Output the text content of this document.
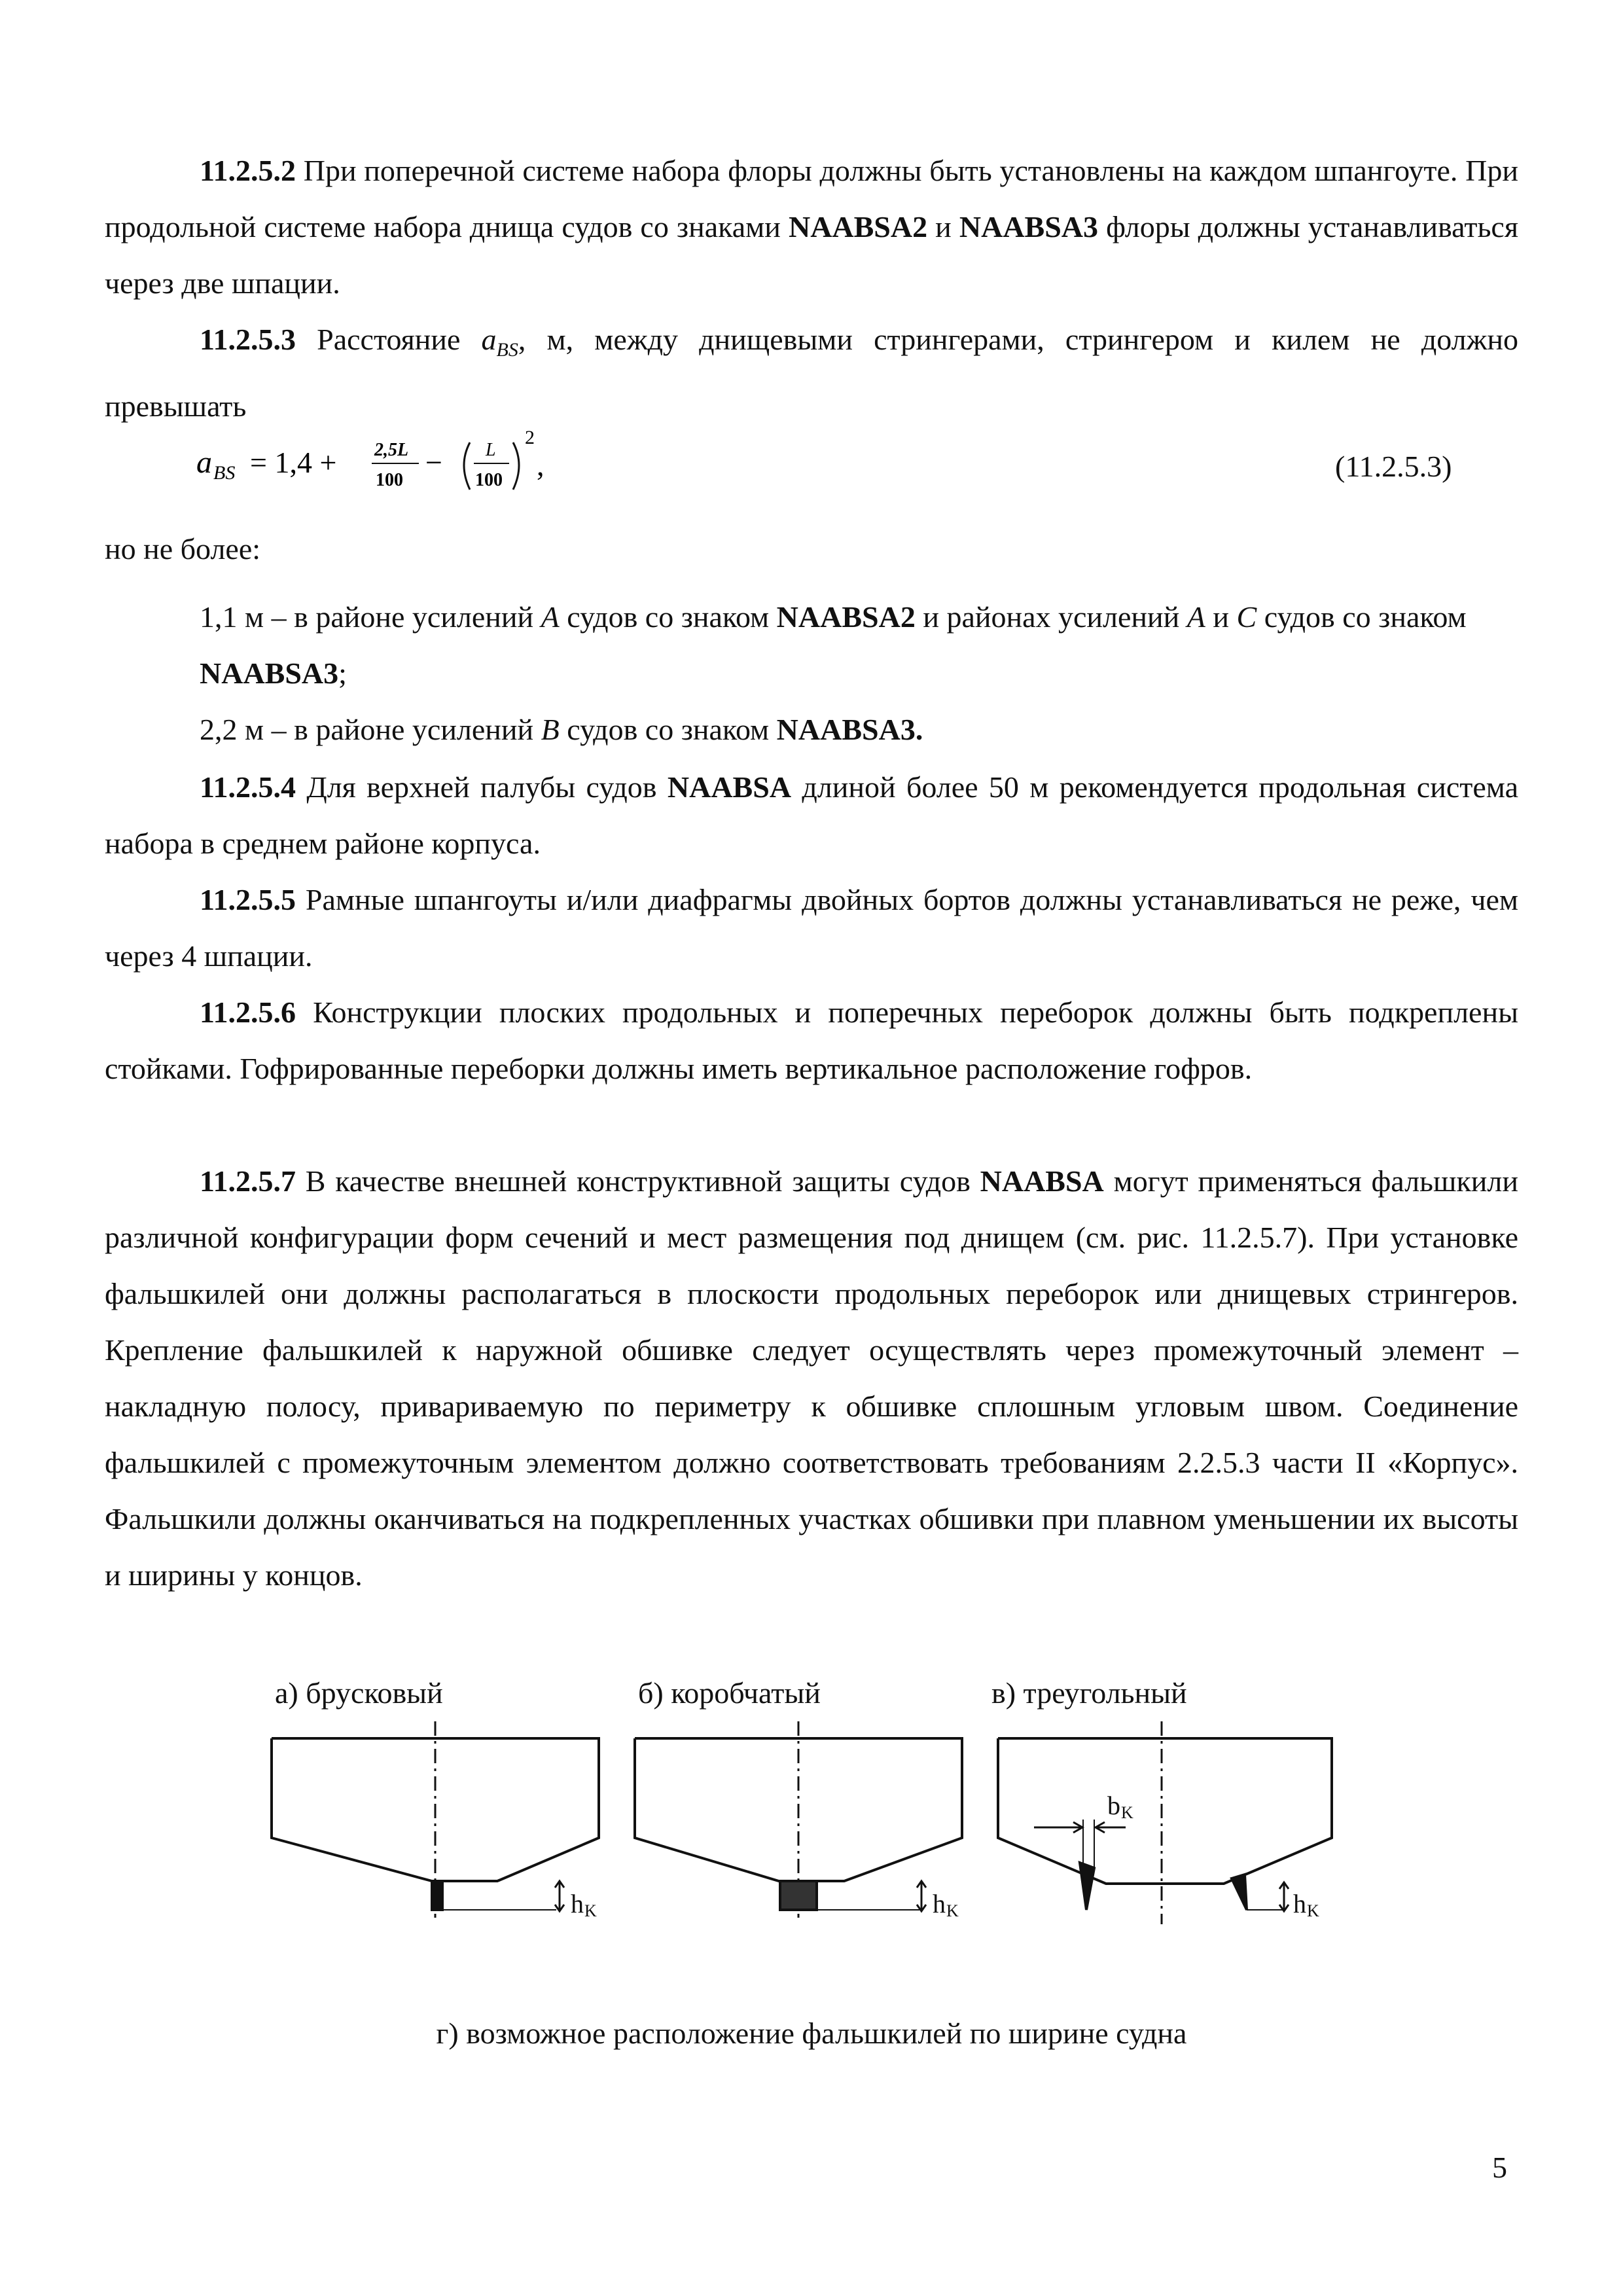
11.2.5.2 При поперечной системе набора флоры должны быть установлены на каждом шпангоуте. При продольной системе набора днища судов со знаками NAABSA2 и NAABSA3 флоры должны устанавливаться через две шпации.

11.2.5.3 Расстояние $a_{BS}$, м, между днищевыми стрингерами, стрингером и килем не должно превышать

a BS = 1,4 + 2,5L
100
− L
100
2
,	(11.2.5.3)

но не более:

1,1 м – в районе усилений A судов со знаком NAABSA2 и районах усилений A и C судов со знаком
NAABSA3;

2,2 м – в районе усилений B судов со знаком NAABSA3.

11.2.5.4 Для верхней палубы судов NAABSA длиной более 50 м рекомендуется продольная система набора в среднем районе корпуса.

11.2.5.5 Рамные шпангоуты и/или диафрагмы двойных бортов должны устанавливаться не реже, чем через 4 шпации.

11.2.5.6 Конструкции плоских продольных и поперечных переборок должны быть подкреплены стойками. Гофрированные переборки должны иметь вертикальное расположение гофров.

11.2.5.7 В качестве внешней конструктивной защиты судов NAABSA могут применяться фальшкили различной конфигурации форм сечений и мест размещения под днищем (см. рис. 11.2.5.7). При установке фальшкилей они должны располагаться в плоскости продольных переборок или днищевых стрингеров. Крепление фальшкилей к наружной обшивке следует осуществлять через промежуточный элемент – накладную полосу, привариваемую по периметру к обшивке сплошным угловым швом. Соединение фальшкилей с промежуточным элементом должно соответствовать требованиям 2.2.5.3 части II «Корпус». Фальшкили должны оканчиваться на подкрепленных участках обшивки при плавном уменьшении их высоты и ширины у концов.

а) брусковый	б) коробчатый	в) треугольный
h K	h K
b K
h K
г) возможное расположение фальшкилей по ширине судна
5
